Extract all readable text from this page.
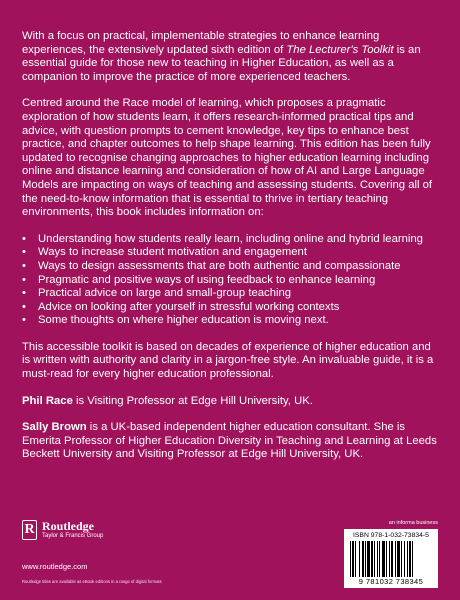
With a focus on practical, implementable strategies to enhance learning experiences, the extensively updated sixth edition of The Lecturer's Toolkit is an essential guide for those new to teaching in Higher Education, as well as a companion to improve the practice of more experienced teachers.

Centred around the Race model of learning, which proposes a pragmatic exploration of how students learn, it offers research-informed practical tips and advice, with question prompts to cement knowledge, key tips to enhance best practice, and chapter outcomes to help shape learning. This edition has been fully updated to recognise changing approaches to higher education learning including online and distance learning and consideration of how of AI and Large Language Models are impacting on ways of teaching and assessing students. Covering all of the need-to-know information that is essential to thrive in tertiary teaching environments, this book includes information on:

• Understanding how students really learn, including online and hybrid learning
• Ways to increase student motivation and engagement
• Ways to design assessments that are both authentic and compassionate
• Pragmatic and positive ways of using feedback to enhance learning
• Practical advice on large and small-group teaching
• Advice on looking after yourself in stressful working contexts
• Some thoughts on where higher education is moving next.

This accessible toolkit is based on decades of experience of higher education and is written with authority and clarity in a jargon-free style. An invaluable guide, it is a must-read for every higher education professional.

Phil Race is Visiting Professor at Edge Hill University, UK.

Sally Brown is a UK-based independent higher education consultant. She is Emerita Professor of Higher Education Diversity in Teaching and Learning at Leeds Beckett University and Visiting Professor at Edge Hill University, UK.

R Routledge
Taylor & Francis Group
www.routledge.com
Routledge titles are available as eBook editions in a range of digital formats
an informa business
ISBN 978-1-032-73834-5
9 781032 738345
